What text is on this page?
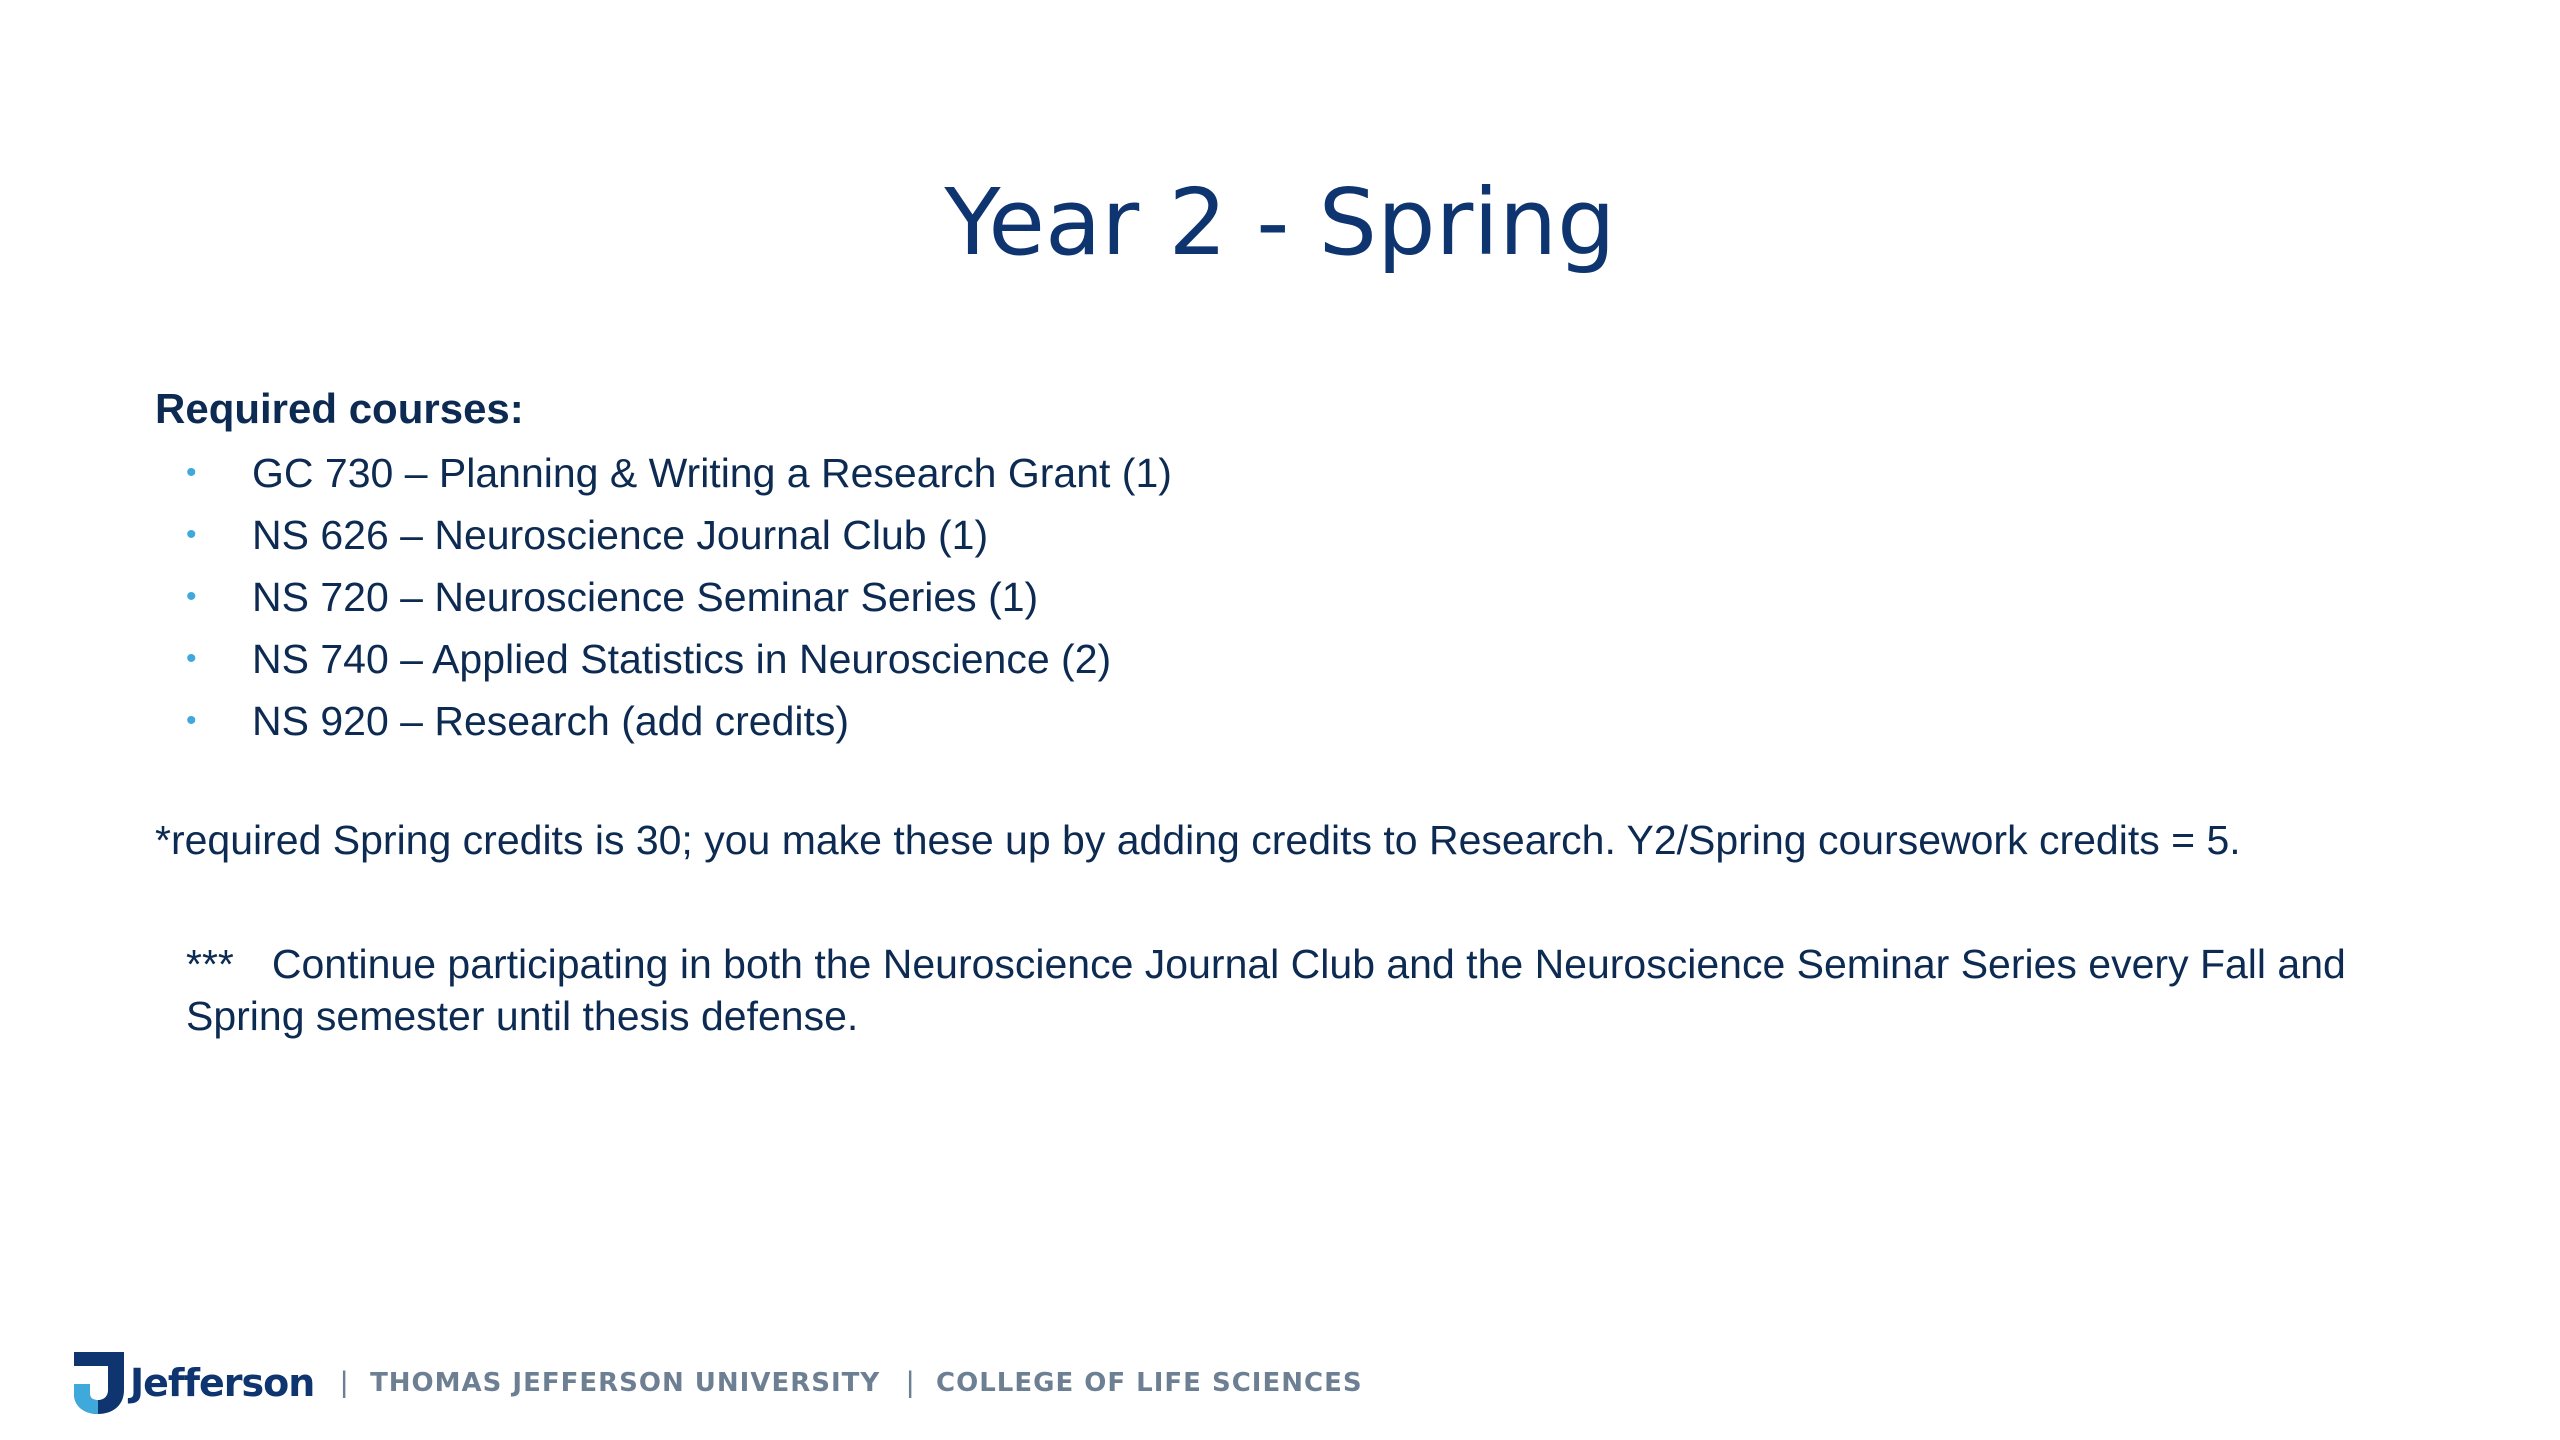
Year 2 - Spring
Required courses:
• GC 730 – Planning & Writing a Research Grant (1)
• NS 626 – Neuroscience Journal Club (1)
• NS 720 – Neuroscience Seminar Series (1)
• NS 740 – Applied Statistics in Neuroscience (2)
• NS 920 – Research (add credits)

*required Spring credits is 30; you make these up by adding credits to Research. Y2/Spring coursework credits = 5.

*** Continue participating in both the Neuroscience Journal Club and the Neuroscience Seminar Series every Fall and Spring semester until thesis defense.

Jefferson | THOMAS JEFFERSON UNIVERSITY | COLLEGE OF LIFE SCIENCES
